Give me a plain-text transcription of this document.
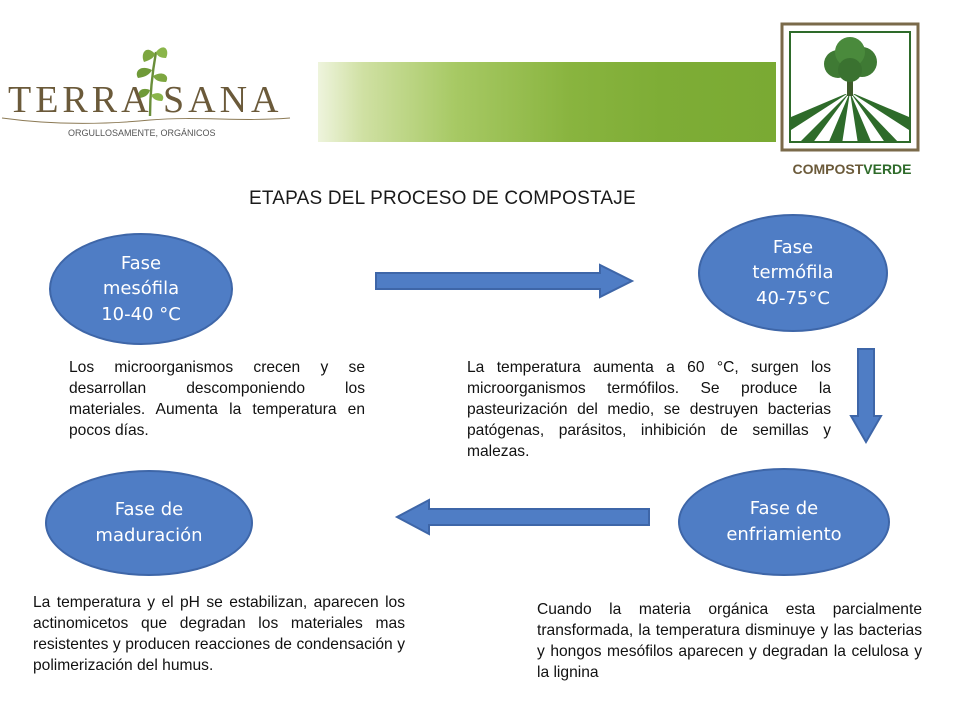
TERRA SANA
ORGULLOSAMENTE, ORGÁNICOS
COMPOSTVERDE
ETAPAS DEL PROCESO DE COMPOSTAJE
Fase
mesófila
10-40 °C
Los microorganismos crecen y se desarrollan descomponiendo los materiales. Aumenta la temperatura en pocos días.
Fase
termófila
40-75°C
La temperatura aumenta a 60 °C, surgen los microorganismos termófilos. Se produce la pasteurización del medio, se destruyen bacterias patógenas, parásitos, inhibición de semillas y malezas.
Fase de
enfriamiento
Cuando la materia orgánica esta parcialmente transformada, la temperatura disminuye y las bacterias y hongos mesófilos aparecen y degradan la celulosa y la lignina
Fase de
maduración
La temperatura y el pH se estabilizan, aparecen los actinomicetos que degradan los materiales mas resistentes y producen reacciones de condensación y polimerización del humus.
